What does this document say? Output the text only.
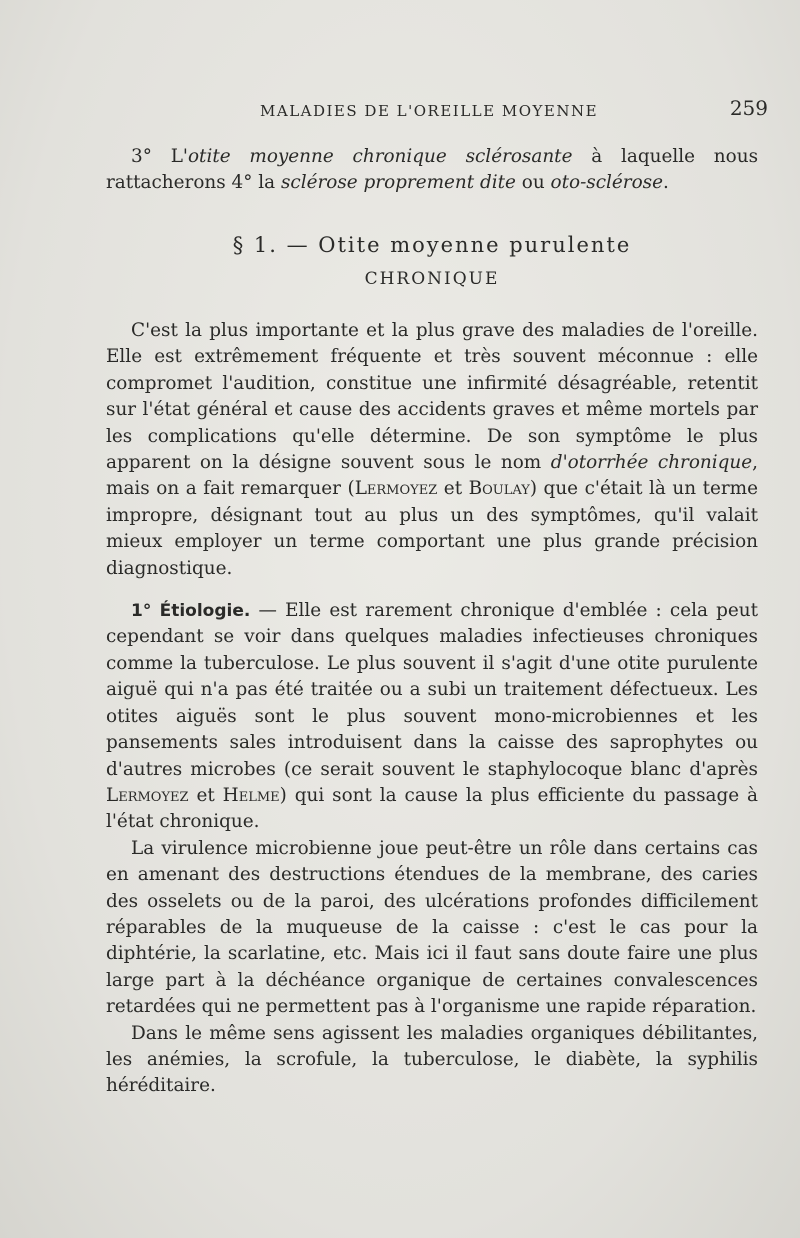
MALADIES DE L'OREILLE MOYENNE	259

3° L'otite moyenne chronique sclérosante à laquelle nous rattacherons 4° la sclérose proprement dite ou oto-sclérose.

§ 1. — Otite moyenne purulente
CHRONIQUE

C'est la plus importante et la plus grave des maladies de l'oreille. Elle est extrêmement fréquente et très souvent méconnue : elle compromet l'audition, constitue une infirmité désagréable, retentit sur l'état général et cause des accidents graves et même mortels par les complications qu'elle détermine. De son symptôme le plus apparent on la désigne souvent sous le nom d'otorrhée chronique, mais on a fait remarquer (Lermoyez et Boulay) que c'était là un terme impropre, désignant tout au plus un des symptômes, qu'il valait mieux employer un terme comportant une plus grande précision diagnostique.

1° Étiologie. — Elle est rarement chronique d'emblée : cela peut cependant se voir dans quelques maladies infectieuses chroniques comme la tuberculose. Le plus souvent il s'agit d'une otite purulente aiguë qui n'a pas été traitée ou a subi un traitement défectueux. Les otites aiguës sont le plus souvent mono-microbiennes et les pansements sales introduisent dans la caisse des saprophytes ou d'autres microbes (ce serait souvent le staphylocoque blanc d'après Lermoyez et Helme) qui sont la cause la plus efficiente du passage à l'état chronique.

La virulence microbienne joue peut-être un rôle dans certains cas en amenant des destructions étendues de la membrane, des caries des osselets ou de la paroi, des ulcérations profondes difficilement réparables de la muqueuse de la caisse : c'est le cas pour la diphtérie, la scarlatine, etc. Mais ici il faut sans doute faire une plus large part à la déchéance organique de certaines convalescences retardées qui ne permettent pas à l'organisme une rapide réparation.

Dans le même sens agissent les maladies organiques débilitantes, les anémies, la scrofule, la tuberculose, le diabète, la syphilis héréditaire.
